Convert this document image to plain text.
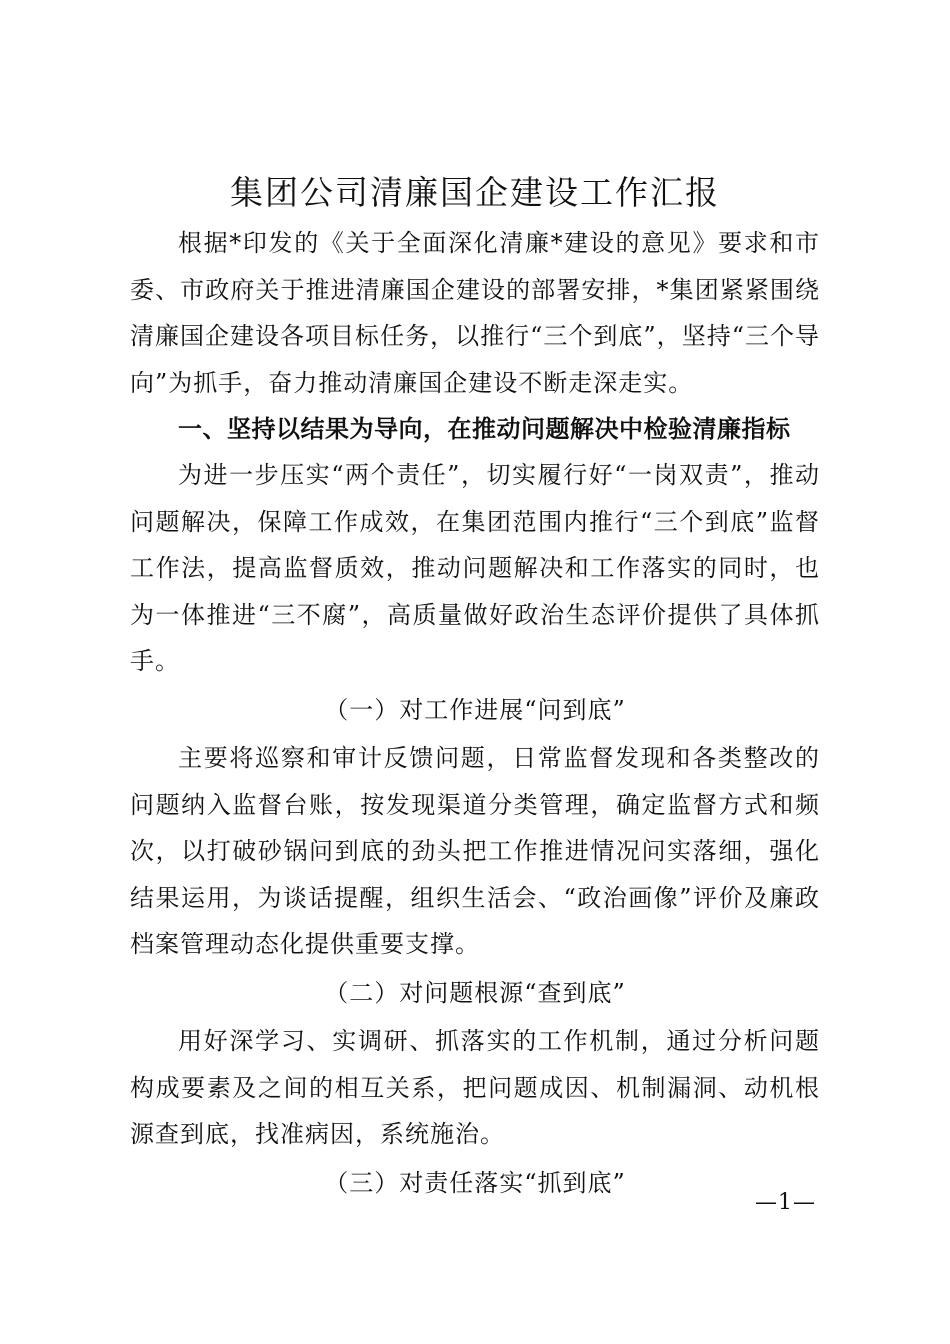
集团公司清廉国企建设工作汇报

根据*印发的《关于全面深化清廉*建设的意见》要求和市委、市政府关于推进清廉国企建设的部署安排，*集团紧紧围绕清廉国企建设各项目标任务，以推行“三个到底”，坚持“三个导向”为抓手，奋力推动清廉国企建设不断走深走实。

一、坚持以结果为导向，在推动问题解决中检验清廉指标

为进一步压实“两个责任”，切实履行好“一岗双责”，推动问题解决，保障工作成效，在集团范围内推行“三个到底”监督工作法，提高监督质效，推动问题解决和工作落实的同时，也为一体推进“三不腐”，高质量做好政治生态评价提供了具体抓手。

（一）对工作进展“问到底”

主要将巡察和审计反馈问题，日常监督发现和各类整改的问题纳入监督台账，按发现渠道分类管理，确定监督方式和频次，以打破砂锅问到底的劲头把工作推进情况问实落细，强化结果运用，为谈话提醒，组织生活会、“政治画像”评价及廉政档案管理动态化提供重要支撑。

（二）对问题根源“查到底”

用好深学习、实调研、抓落实的工作机制，通过分析问题构成要素及之间的相互关系，把问题成因、机制漏洞、动机根源查到底，找准病因，系统施治。

（三）对责任落实“抓到底”

—1—
